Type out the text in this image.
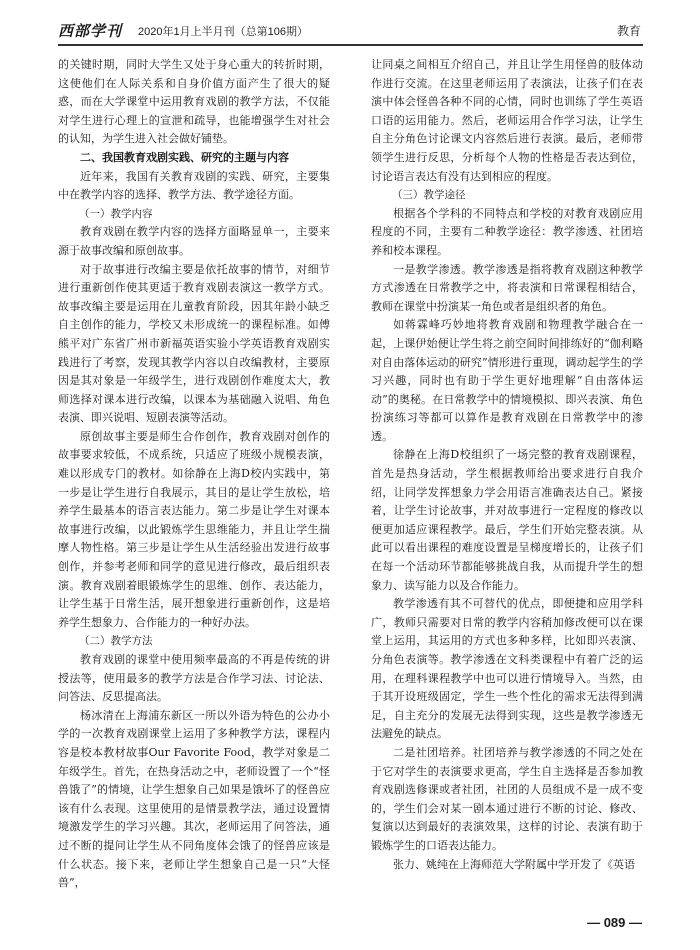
西部学刊 2020年1月上半月刊（总第106期）	教育

的关键时期，同时大学生又处于身心重大的转折时期，这使他们在人际关系和自身价值方面产生了很大的疑惑，而在大学课堂中运用教育戏剧的教学方法，不仅能对学生进行心理上的宣泄和疏导，也能增强学生对社会的认知，为学生进入社会做好铺垫。

二、我国教育戏剧实践、研究的主题与内容

近年来，我国有关教育戏剧的实践、研究，主要集中在教学内容的选择、教学方法、教学途径方面。

（一）教学内容

教育戏剧在教学内容的选择方面略显单一，主要来源于故事改编和原创故事。

对于故事进行改编主要是依托故事的情节，对细节进行重新创作使其更适于教育戏剧表演这一教学方式。故事改编主要是运用在儿童教育阶段，因其年龄小缺乏自主创作的能力，学校又未形成统一的课程标准。如傅熊平对广东省广州市新福英语实验小学英语教育戏剧实践进行了考察，发现其教学内容以自改编教材，主要原因是其对象是一年级学生，进行戏剧创作难度太大，教师选择对课本进行改编，以课本为基础融入说唱、角色表演、即兴说唱、短剧表演等活动。

原创故事主要是师生合作创作，教育戏剧对创作的故事要求较低，不成系统，只适应了班级小规模表演，难以形成专门的教材。如徐静在上海D校内实践中，第一步是让学生进行自我展示，其目的是让学生放松，培养学生最基本的语言表达能力。第二步是让学生对课本故事进行改编，以此锻炼学生思维能力，并且让学生揣摩人物性格。第三步是让学生从生活经验出发进行故事创作，并参考老师和同学的意见进行修改，最后组织表演。教育戏剧着眼锻炼学生的思维、创作、表达能力，让学生基于日常生活，展开想象进行重新创作，这是培养学生想象力、合作能力的一种好办法。

（二）教学方法

教育戏剧的课堂中使用频率最高的不再是传统的讲授法等，使用最多的教学方法是合作学习法、讨论法、问答法、反思提高法。

杨冰清在上海浦东新区一所以外语为特色的公办小学的一次教育戏剧课堂上运用了多种教学方法，课程内容是校本教材故事Our Favorite Food，教学对象是二年级学生。首先，在热身活动之中，老师设置了一个“怪兽饿了”的情境，让学生想象自己如果是饿坏了的怪兽应该有什么表现。这里使用的是情景教学法，通过设置情境激发学生的学习兴趣。其次，老师运用了问答法，通过不断的提问让学生从不同角度体会饿了的怪兽应该是什么状态。接下来，老师让学生想象自己是一只“大怪兽”，

让同桌之间相互介绍自己，并且让学生用怪兽的肢体动作进行交流。在这里老师运用了表演法，让孩子们在表演中体会怪兽各种不同的心情，同时也训练了学生英语口语的运用能力。然后，老师运用合作学习法，让学生自主分角色讨论课文内容然后进行表演。最后，老师带领学生进行反思，分析每个人物的性格是否表达到位，讨论语言表达有没有达到相应的程度。

（三）教学途径

根据各个学科的不同特点和学校的对教育戏剧应用程度的不同，主要有二种教学途径：教学渗透、社团培养和校本课程。

一是教学渗透。教学渗透是指将教育戏剧这种教学方式渗透在日常教学之中，将表演和日常课程相结合，教师在课堂中扮演某一角色或者是组织者的角色。

如蒋霖峰巧妙地将教育戏剧和物理教学融合在一起，上课伊始便让学生将之前空间时间排练好的“伽利略对自由落体运动的研究”情形进行重现，调动起学生的学习兴趣，同时也有助于学生更好地理解“自由落体运动”的奥秘。在日常教学中的情境模拟、即兴表演、角色扮演练习等都可以算作是教育戏剧在日常教学中的渗透。

徐静在上海D校组织了一场完整的教育戏剧课程，首先是热身活动，学生根据教师给出要求进行自我介绍，让同学发挥想象力学会用语言准确表达自己。紧接着，让学生讨论故事，并对故事进行一定程度的修改以便更加适应课程教学。最后，学生们开始完整表演。从此可以看出课程的难度设置是呈梯度增长的，让孩子们在每一个活动环节都能够挑战自我，从而提升学生的想象力、读写能力以及合作能力。

教学渗透有其不可替代的优点，即便捷和应用学科广，教师只需要对日常的教学内容稍加修改便可以在课堂上运用，其运用的方式也多种多样，比如即兴表演、分角色表演等。教学渗透在文科类课程中有着广泛的运用，在理科课程教学中也可以进行情境导入。当然，由于其开设班级固定，学生一些个性化的需求无法得到满足，自主充分的发展无法得到实现，这些是教学渗透无法避免的缺点。

二是社团培养。社团培养与教学渗透的不同之处在于它对学生的表演要求更高，学生自主选择是否参加教育戏剧选修课或者社团，社团的人员组成不是一成不变的，学生们会对某一剧本通过进行不断的讨论、修改、复演以达到最好的表演效果，这样的讨论、表演有助于锻炼学生的口语表达能力。

张力、姚纯在上海师范大学附属中学开发了《英语

— 089 —
